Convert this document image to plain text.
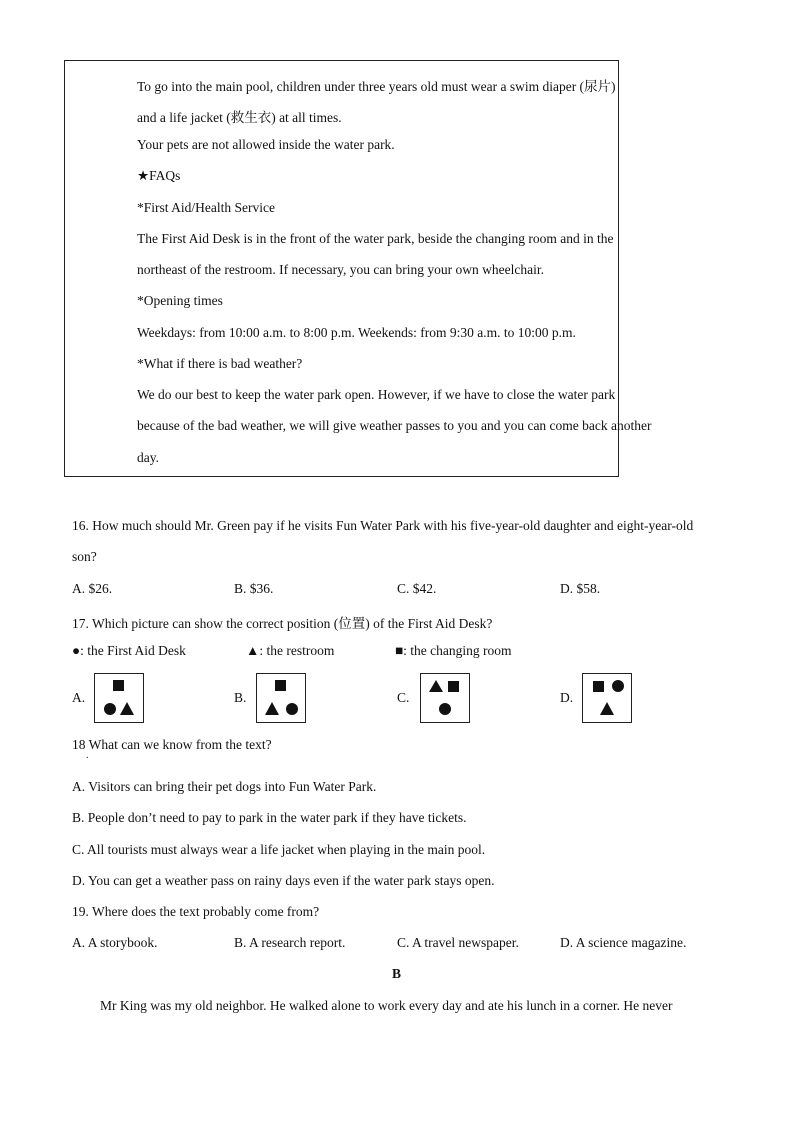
To go into the main pool, children under three years old must wear a swim diaper (尿片)
and a life jacket (救生衣) at all times.
Your pets are not allowed inside the water park.
★FAQs
*First Aid/Health Service
The First Aid Desk is in the front of the water park, beside the changing room and in the
northeast of the restroom. If necessary, you can bring your own wheelchair.
*Opening times
Weekdays: from 10:00 a.m. to 8:00 p.m. Weekends: from 9:30 a.m. to 10:00 p.m.
*What if there is bad weather?
We do our best to keep the water park open. However, if we have to close the water park
because of the bad weather, we will give weather passes to you and you can come back another
day.
16. How much should Mr. Green pay if he visits Fun Water Park with his five-year-old daughter and eight-year-old
son?
A. $26.	B. $36.	C. $42.	D. $58.
17. Which picture can show the correct position (位置) of the First Aid Desk?
●: the First Aid Desk	▲: the restroom	■: the changing room
A.	B.	C.	D.
18 What can we know from the text?
.
A. Visitors can bring their pet dogs into Fun Water Park.
B. People don’t need to pay to park in the water park if they have tickets.
C. All tourists must always wear a life jacket when playing in the main pool.
D. You can get a weather pass on rainy days even if the water park stays open.
19. Where does the text probably come from?
A. A storybook.	B. A research report.	C. A travel newspaper.	D. A science magazine.
B
Mr King was my old neighbor. He walked alone to work every day and ate his lunch in a corner. He never
